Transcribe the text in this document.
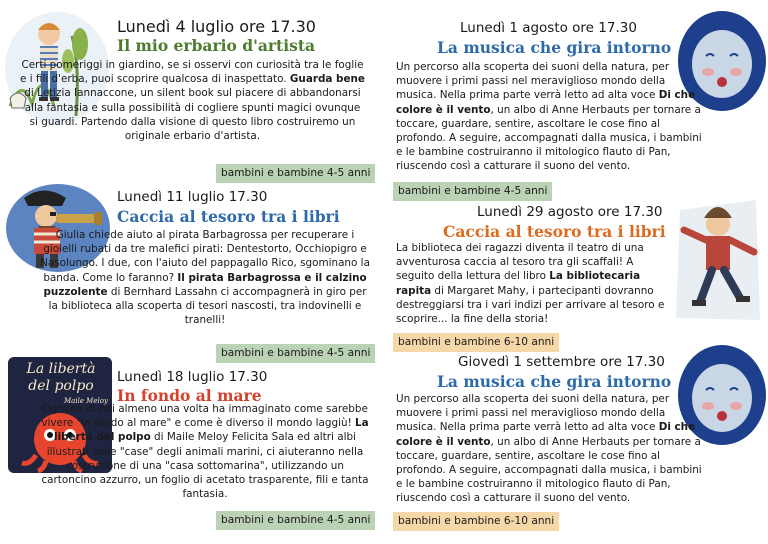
Lunedì 4 luglio ore 17.30
Il mio erbario d'artista
Certi pomeriggi in giardino, se si osservi con curiosità tra le foglie e i fili d'erba, puoi scoprire qualcosa di inaspettato. Guarda bene di Letizia Iannaccone, un silent book sul piacere di abbandonarsi alla fantasia e sulla possibilità di cogliere spunti magici ovunque si guardi. Partendo dalla visione di questo libro costruiremo un originale erbario d'artista.
bambini e bambine 4-5 anni
Lunedì 11 luglio 17.30
Caccia al tesoro tra i libri
Giulia chiede aiuto al pirata Barbagrossa per recuperare i gioielli rubati da tre malefici pirati: Dentestorto, Occhiopigro e Nasolungo. I due, con l'aiuto del pappagallo Rico, sgominano la banda. Come lo faranno? Il pirata Barbagrossa e il calzino puzzolente di Bernhard Lassahn ci accompagnerà in giro per la biblioteca alla scoperta di tesori nascosti, tra indovinelli e tranelli!
bambini e bambine 4-5 anni
La libertà del polpo
Maile Meloy
Lunedì 18 luglio 17.30
In fondo al mare
Ognuno di noi almeno una volta ha immaginato come sarebbe vivere "in fondo al mare" e come è diverso il mondo laggiù! La libertà del polpo di Maile Meloy Felicita Sala ed altri albi illustrati sulle "case" degli animali marini, ci aiuteranno nella costruzione di una "casa sottomarina", utilizzando un cartoncino azzurro, un foglio di acetato trasparente, fili e tanta fantasia.
bambini e bambine 4-5 anni
Lunedì 1 agosto ore 17.30
La musica che gira intorno
Un percorso alla scoperta dei suoni della natura, per muovere i primi passi nel meraviglioso mondo della musica. Nella prima parte verrà letto ad alta voce Di che colore è il vento, un albo di Anne Herbauts per tornare a toccare, guardare, sentire, ascoltare le cose fino al profondo. A seguire, accompagnati dalla musica, i bambini e le bambine costruiranno il mitologico flauto di Pan, riuscendo così a catturare il suono del vento.
bambini e bambine 4-5 anni
Lunedì 29 agosto ore 17.30
Caccia al tesoro tra i libri
La biblioteca dei ragazzi diventa il teatro di una avventurosa caccia al tesoro tra gli scaffali! A seguito della lettura del libro La bibliotecaria rapita di Margaret Mahy, i partecipanti dovranno destreggiarsi tra i vari indizi per arrivare al tesoro e scoprire... la fine della storia!
bambini e bambine 6-10 anni
Giovedì 1 settembre ore 17.30
La musica che gira intorno
Un percorso alla scoperta dei suoni della natura, per muovere i primi passi nel meraviglioso mondo della musica. Nella prima parte verrà letto ad alta voce Di che colore è il vento, un albo di Anne Herbauts per tornare a toccare, guardare, sentire, ascoltare le cose fino al profondo. A seguire, accompagnati dalla musica, i bambini e le bambine costruiranno il mitologico flauto di Pan, riuscendo così a catturare il suono del vento.
bambini e bambine 6-10 anni
